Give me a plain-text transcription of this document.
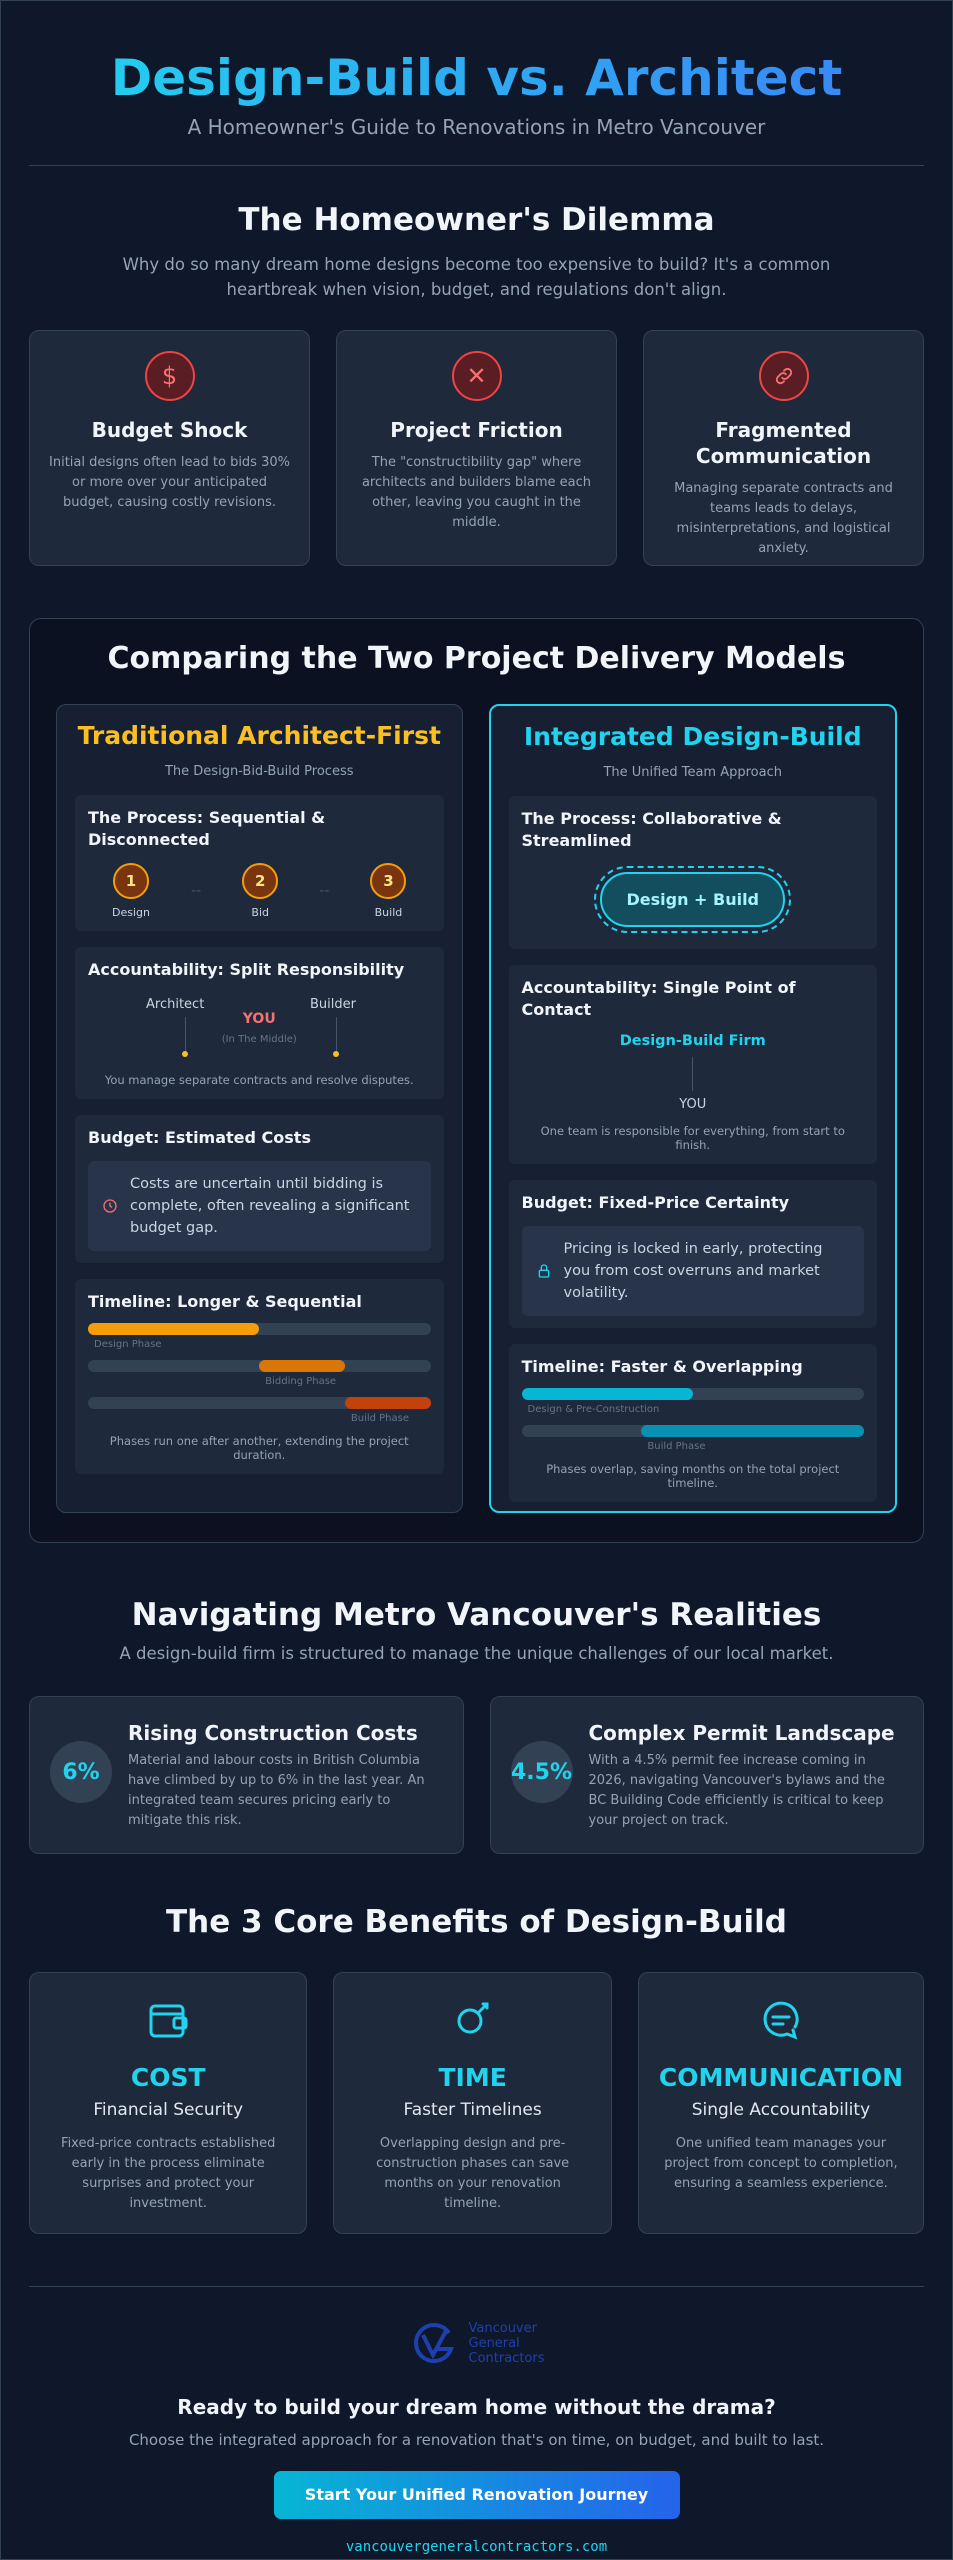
Design-Build vs. Architect
A Homeowner's Guide to Renovations in Metro Vancouver
The Homeowner's Dilemma

Why do so many dream home designs become too expensive to build? It's a common heartbreak when vision, budget, and regulations don't align.

$
Budget Shock

Initial designs often lead to bids 30% or more over your anticipated budget, causing costly revisions.

✕
Project Friction

The "constructibility gap" where architects and builders blame each other, leaving you caught in the middle.

Fragmented Communication

Managing separate contracts and teams leads to delays, misinterpretations, and logistical anxiety.

Comparing the Two Project Delivery Models
Traditional Architect-First
The Design-Bid-Build Process
The Process: Sequential & Disconnected
1
Design
--
2
Bid
--
3
Build
Accountability: Split Responsibility
Architect	Builder
YOU
(In The Middle)
You manage separate contracts and resolve disputes.
Budget: Estimated Costs

Costs are uncertain until bidding is complete, often revealing a significant budget gap.

Timeline: Longer & Sequential
Design Phase
Bidding Phase
Build Phase
Phases run one after another, extending the project duration.
Integrated Design-Build
The Unified Team Approach
The Process: Collaborative & Streamlined
Design + Build
Accountability: Single Point of Contact
Design-Build Firm
YOU
One team is responsible for everything, from start to finish.
Budget: Fixed-Price Certainty

Pricing is locked in early, protecting you from cost overruns and market volatility.

Timeline: Faster & Overlapping
Design & Pre-Construction
Build Phase
Phases overlap, saving months on the total project timeline.
Navigating Metro Vancouver's Realities

A design-build firm is structured to manage the unique challenges of our local market.

6%
Rising Construction Costs

Material and labour costs in British Columbia have climbed by up to 6% in the last year. An integrated team secures pricing early to mitigate this risk.

4.5%
Complex Permit Landscape

With a 4.5% permit fee increase coming in 2026, navigating Vancouver's bylaws and the BC Building Code efficiently is critical to keep your project on track.

The 3 Core Benefits of Design-Build
COST
Financial Security

Fixed-price contracts established early in the process eliminate surprises and protect your investment.

TIME
Faster Timelines

Overlapping design and pre-construction phases can save months on your renovation timeline.

COMMUNICATION
Single Accountability

One unified team manages your project from concept to completion, ensuring a seamless experience.

Vancouver
General
Contractors
Ready to build your dream home without the drama?

Choose the integrated approach for a renovation that's on time, on budget, and built to last.

Start Your Unified Renovation Journey
vancouvergeneralcontractors.com
